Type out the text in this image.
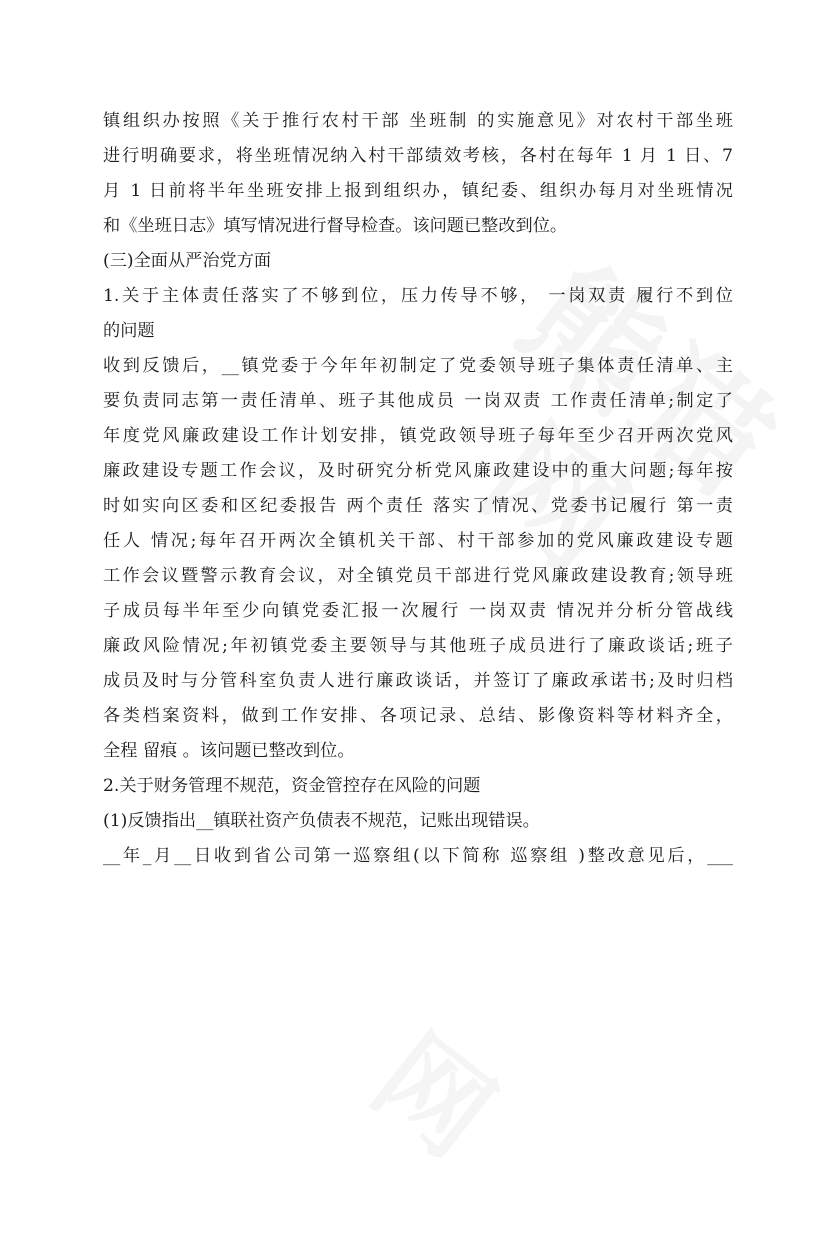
镇组织办按照《关于推行农村干部 坐班制 的实施意见》对农村干部坐班
进行明确要求，将坐班情况纳入村干部绩效考核，各村在每年 1 月 1 日、7
月 1 日前将半年坐班安排上报到组织办，镇纪委、组织办每月对坐班情况
和《坐班日志》填写情况进行督导检查。该问题已整改到位。
(三)全面从严治党方面
1.关于主体责任落实了不够到位，压力传导不够， 一岗双责 履行不到位
的问题
收到反馈后，__镇党委于今年年初制定了党委领导班子集体责任清单、主
要负责同志第一责任清单、班子其他成员 一岗双责 工作责任清单;制定了
年度党风廉政建设工作计划安排，镇党政领导班子每年至少召开两次党风
廉政建设专题工作会议，及时研究分析党风廉政建设中的重大问题;每年按
时如实向区委和区纪委报告 两个责任 落实了情况、党委书记履行 第一责
任人 情况;每年召开两次全镇机关干部、村干部参加的党风廉政建设专题
工作会议暨警示教育会议，对全镇党员干部进行党风廉政建设教育;领导班
子成员每半年至少向镇党委汇报一次履行 一岗双责 情况并分析分管战线
廉政风险情况;年初镇党委主要领导与其他班子成员进行了廉政谈话;班子
成员及时与分管科室负责人进行廉政谈话，并签订了廉政承诺书;及时归档
各类档案资料，做到工作安排、各项记录、总结、影像资料等材料齐全，
全程 留痕 。该问题已整改到位。
2.关于财务管理不规范，资金管控存在风险的问题
(1)反馈指出__镇联社资产负债表不规范，记账出现错误。
__年_月__日收到省公司第一巡察组(以下简称 巡察组 )整改意见后，___
